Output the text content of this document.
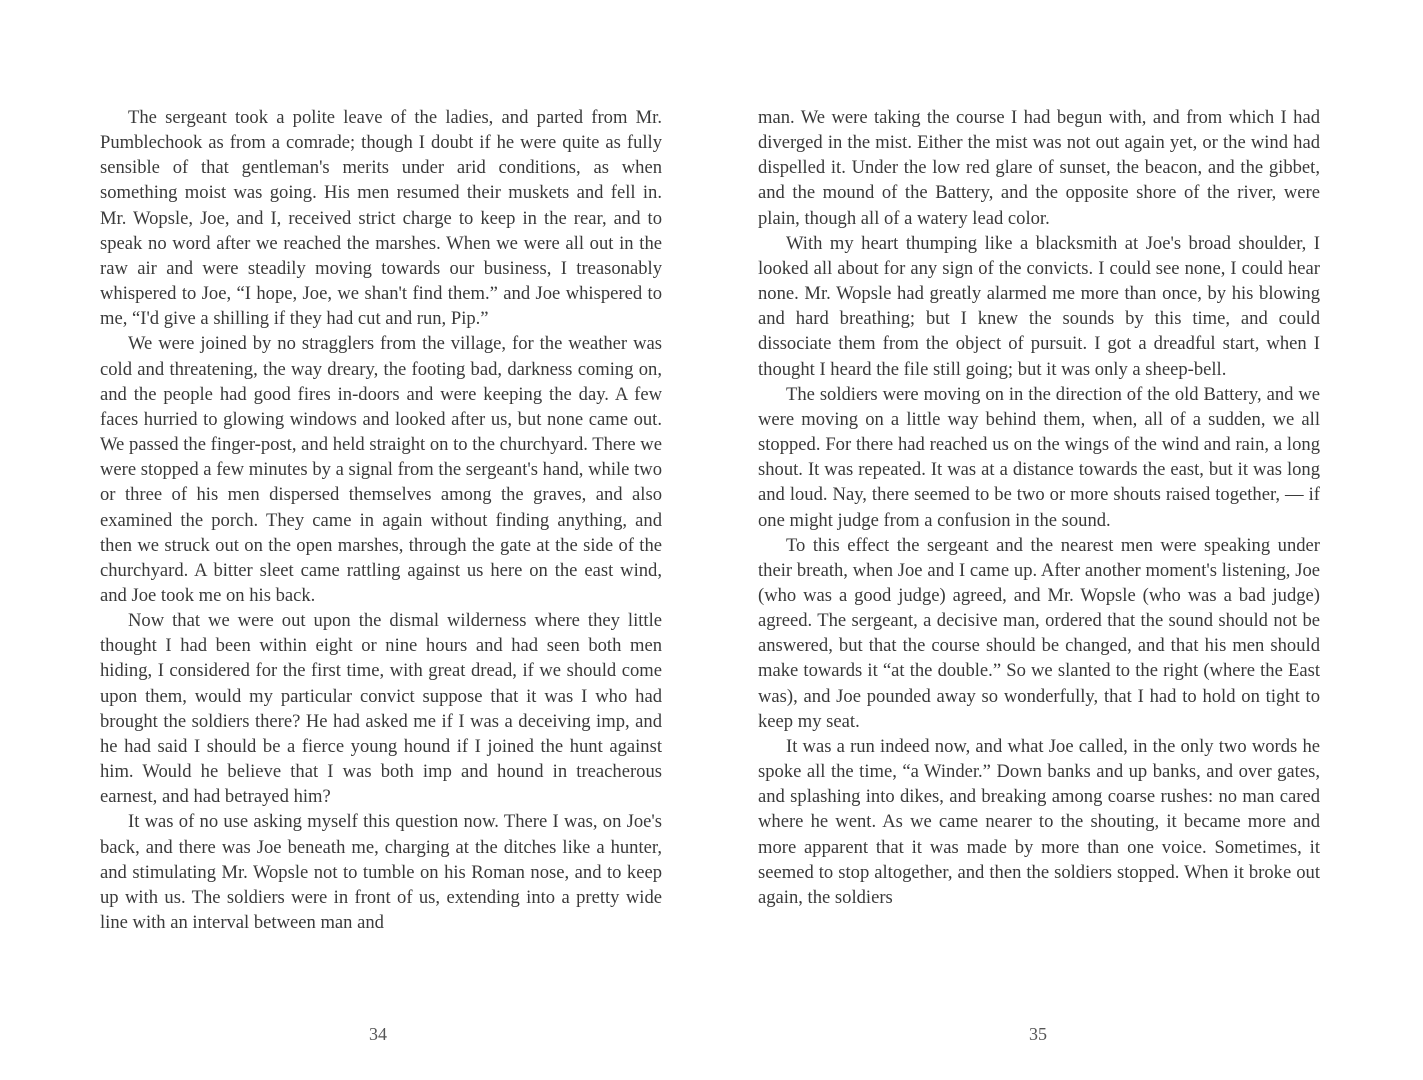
The sergeant took a polite leave of the ladies, and parted from Mr. Pumblechook as from a comrade; though I doubt if he were quite as fully sensible of that gentleman's merits under arid conditions, as when something moist was going. His men resumed their muskets and fell in. Mr. Wopsle, Joe, and I, received strict charge to keep in the rear, and to speak no word after we reached the marshes. When we were all out in the raw air and were steadily moving towards our business, I treasonably whispered to Joe, “I hope, Joe, we shan't find them.” and Joe whispered to me, “I'd give a shilling if they had cut and run, Pip.”

We were joined by no stragglers from the village, for the weather was cold and threatening, the way dreary, the footing bad, darkness coming on, and the people had good fires in-doors and were keeping the day. A few faces hurried to glowing windows and looked after us, but none came out. We passed the finger-post, and held straight on to the churchyard. There we were stopped a few minutes by a signal from the sergeant's hand, while two or three of his men dispersed themselves among the graves, and also examined the porch. They came in again without finding anything, and then we struck out on the open marshes, through the gate at the side of the churchyard. A bitter sleet came rattling against us here on the east wind, and Joe took me on his back.

Now that we were out upon the dismal wilderness where they little thought I had been within eight or nine hours and had seen both men hiding, I considered for the first time, with great dread, if we should come upon them, would my particular convict suppose that it was I who had brought the soldiers there? He had asked me if I was a deceiving imp, and he had said I should be a fierce young hound if I joined the hunt against him. Would he believe that I was both imp and hound in treacherous earnest, and had betrayed him?

It was of no use asking myself this question now. There I was, on Joe's back, and there was Joe beneath me, charging at the ditches like a hunter, and stimulating Mr. Wopsle not to tumble on his Roman nose, and to keep up with us. The soldiers were in front of us, extending into a pretty wide line with an interval between man and

34

man. We were taking the course I had begun with, and from which I had diverged in the mist. Either the mist was not out again yet, or the wind had dispelled it. Under the low red glare of sunset, the beacon, and the gibbet, and the mound of the Battery, and the opposite shore of the river, were plain, though all of a watery lead color.

With my heart thumping like a blacksmith at Joe's broad shoulder, I looked all about for any sign of the convicts. I could see none, I could hear none. Mr. Wopsle had greatly alarmed me more than once, by his blowing and hard breathing; but I knew the sounds by this time, and could dissociate them from the object of pursuit. I got a dreadful start, when I thought I heard the file still going; but it was only a sheep-bell.

The soldiers were moving on in the direction of the old Battery, and we were moving on a little way behind them, when, all of a sudden, we all stopped. For there had reached us on the wings of the wind and rain, a long shout. It was repeated. It was at a distance towards the east, but it was long and loud. Nay, there seemed to be two or more shouts raised together, — if one might judge from a confusion in the sound.

To this effect the sergeant and the nearest men were speaking under their breath, when Joe and I came up. After another moment's listening, Joe (who was a good judge) agreed, and Mr. Wopsle (who was a bad judge) agreed. The sergeant, a decisive man, ordered that the sound should not be answered, but that the course should be changed, and that his men should make towards it “at the double.” So we slanted to the right (where the East was), and Joe pounded away so wonderfully, that I had to hold on tight to keep my seat.

It was a run indeed now, and what Joe called, in the only two words he spoke all the time, “a Winder.” Down banks and up banks, and over gates, and splashing into dikes, and breaking among coarse rushes: no man cared where he went. As we came nearer to the shouting, it became more and more apparent that it was made by more than one voice. Sometimes, it seemed to stop altogether, and then the soldiers stopped. When it broke out again, the soldiers

35
